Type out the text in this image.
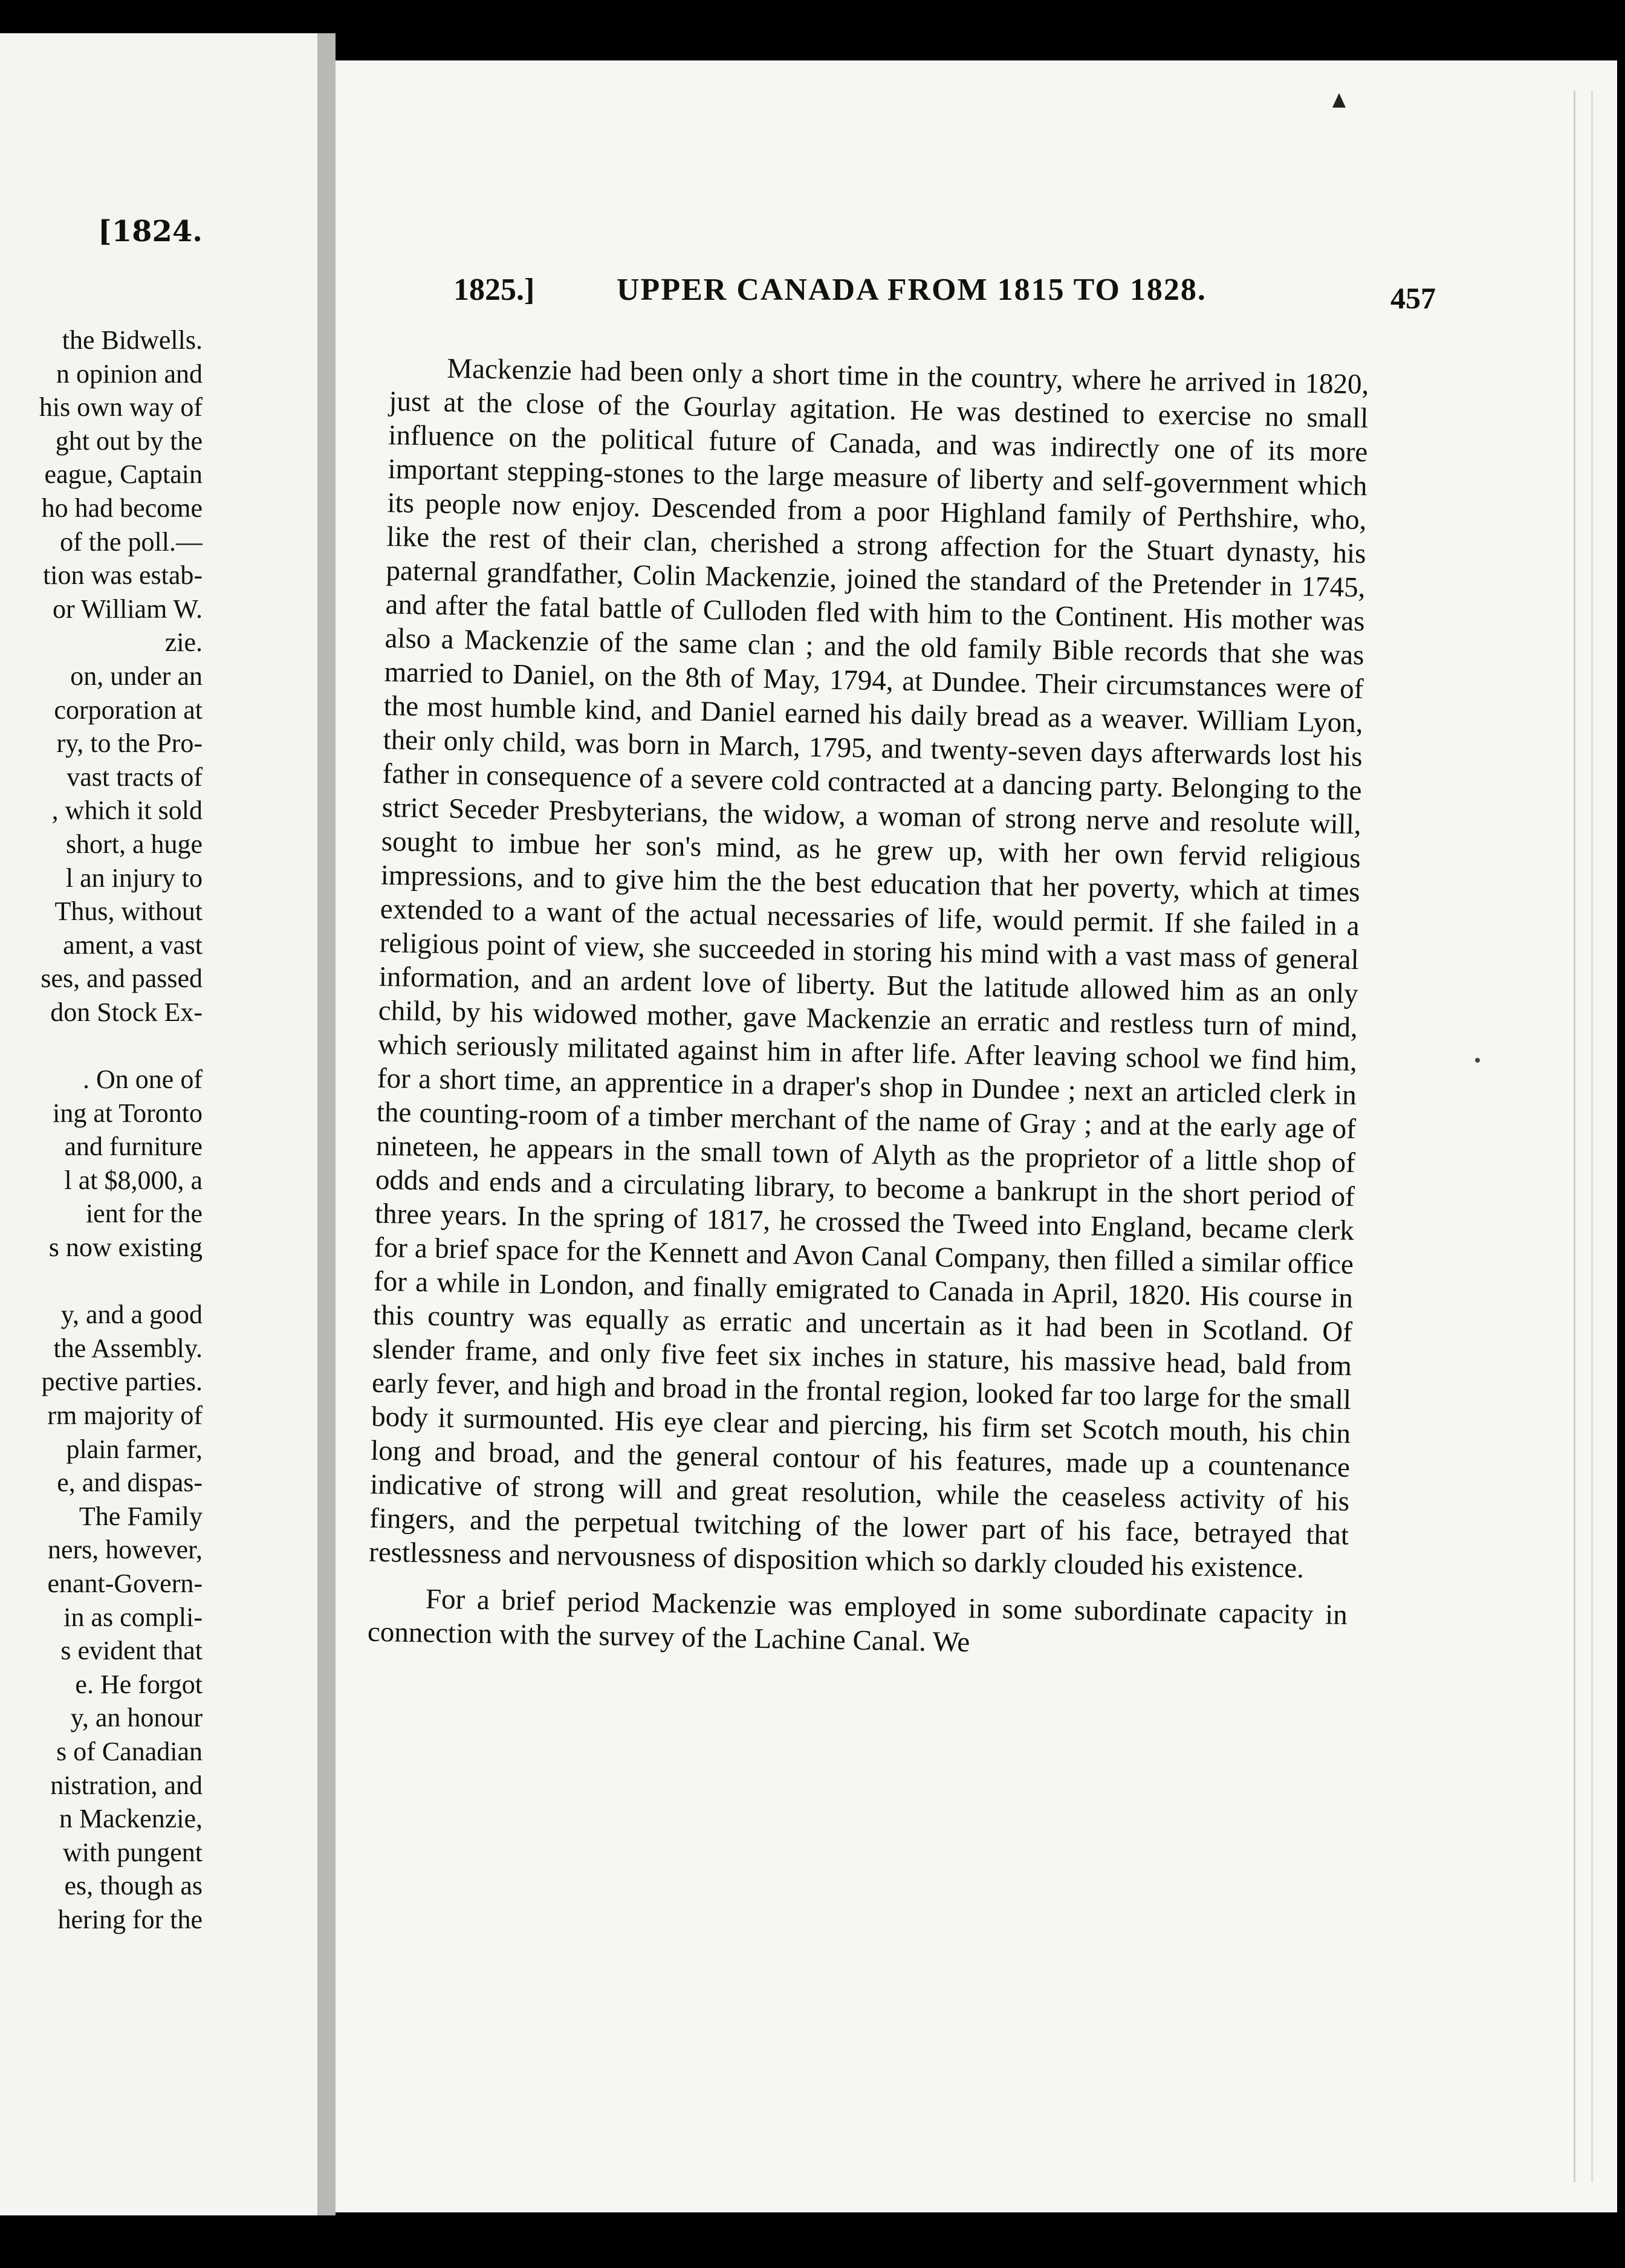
[1824.
the Bidwells.
n opinion and
his own way of
ght out by the
eague, Captain
ho had become
of the poll.—
tion was estab-
or William W.
zie.
on, under an
corporation at
ry, to the Pro-
vast tracts of
, which it sold
short, a huge
l an injury to
Thus, without
ament, a vast
ses, and passed
don Stock Ex-
. On one of
ing at Toronto
and furniture
l at $8,000, a
ient for the
s now existing
y, and a good
the Assembly.
pective parties.
rm majority of
plain farmer,
e, and dispas-
The Family
ners, however,
enant-Govern-
in as compli-
s evident that
e. He forgot
y, an honour
s of Canadian
nistration, and
n Mackenzie,
with pungent
es, though as
hering for the
1825.]	UPPER CANADA FROM 1815 TO 1828.	457

Mackenzie had been only a short time in the country, where he arrived in 1820, just at the close of the Gourlay agitation. He was destined to exercise no small influence on the political future of Canada, and was indirectly one of its more important stepping-stones to the large measure of liberty and self-government which its people now enjoy. Descended from a poor Highland family of Perthshire, who, like the rest of their clan, cherished a strong affection for the Stuart dynasty, his paternal grandfather, Colin Mackenzie, joined the standard of the Pretender in 1745, and after the fatal battle of Culloden fled with him to the Continent. His mother was also a Mackenzie of the same clan ; and the old family Bible records that she was married to Daniel, on the 8th of May, 1794, at Dundee. Their circumstances were of the most humble kind, and Daniel earned his daily bread as a weaver. William Lyon, their only child, was born in March, 1795, and twenty-seven days afterwards lost his father in consequence of a severe cold contracted at a dancing party. Belonging to the strict Seceder Presbyterians, the widow, a woman of strong nerve and resolute will, sought to imbue her son's mind, as he grew up, with her own fervid religious impressions, and to give him the the best education that her poverty, which at times extended to a want of the actual necessaries of life, would permit. If she failed in a religious point of view, she succeeded in storing his mind with a vast mass of general information, and an ardent love of liberty. But the latitude allowed him as an only child, by his widowed mother, gave Mackenzie an erratic and restless turn of mind, which seriously militated against him in after life. After leaving school we find him, for a short time, an apprentice in a draper's shop in Dundee ; next an articled clerk in the counting-room of a timber merchant of the name of Gray ; and at the early age of nineteen, he appears in the small town of Alyth as the proprietor of a little shop of odds and ends and a circulating library, to become a bankrupt in the short period of three years. In the spring of 1817, he crossed the Tweed into England, became clerk for a brief space for the Kennett and Avon Canal Company, then filled a similar office for a while in London, and finally emigrated to Canada in April, 1820. His course in this country was equally as erratic and uncertain as it had been in Scotland. Of slender frame, and only five feet six inches in stature, his massive head, bald from early fever, and high and broad in the frontal region, looked far too large for the small body it surmounted. His eye clear and piercing, his firm set Scotch mouth, his chin long and broad, and the general contour of his features, made up a countenance indicative of strong will and great resolution, while the ceaseless activity of his fingers, and the perpetual twitching of the lower part of his face, betrayed that restlessness and nervousness of disposition which so darkly clouded his existence.

For a brief period Mackenzie was employed in some subordinate capacity in connection with the survey of the Lachine Canal. We
